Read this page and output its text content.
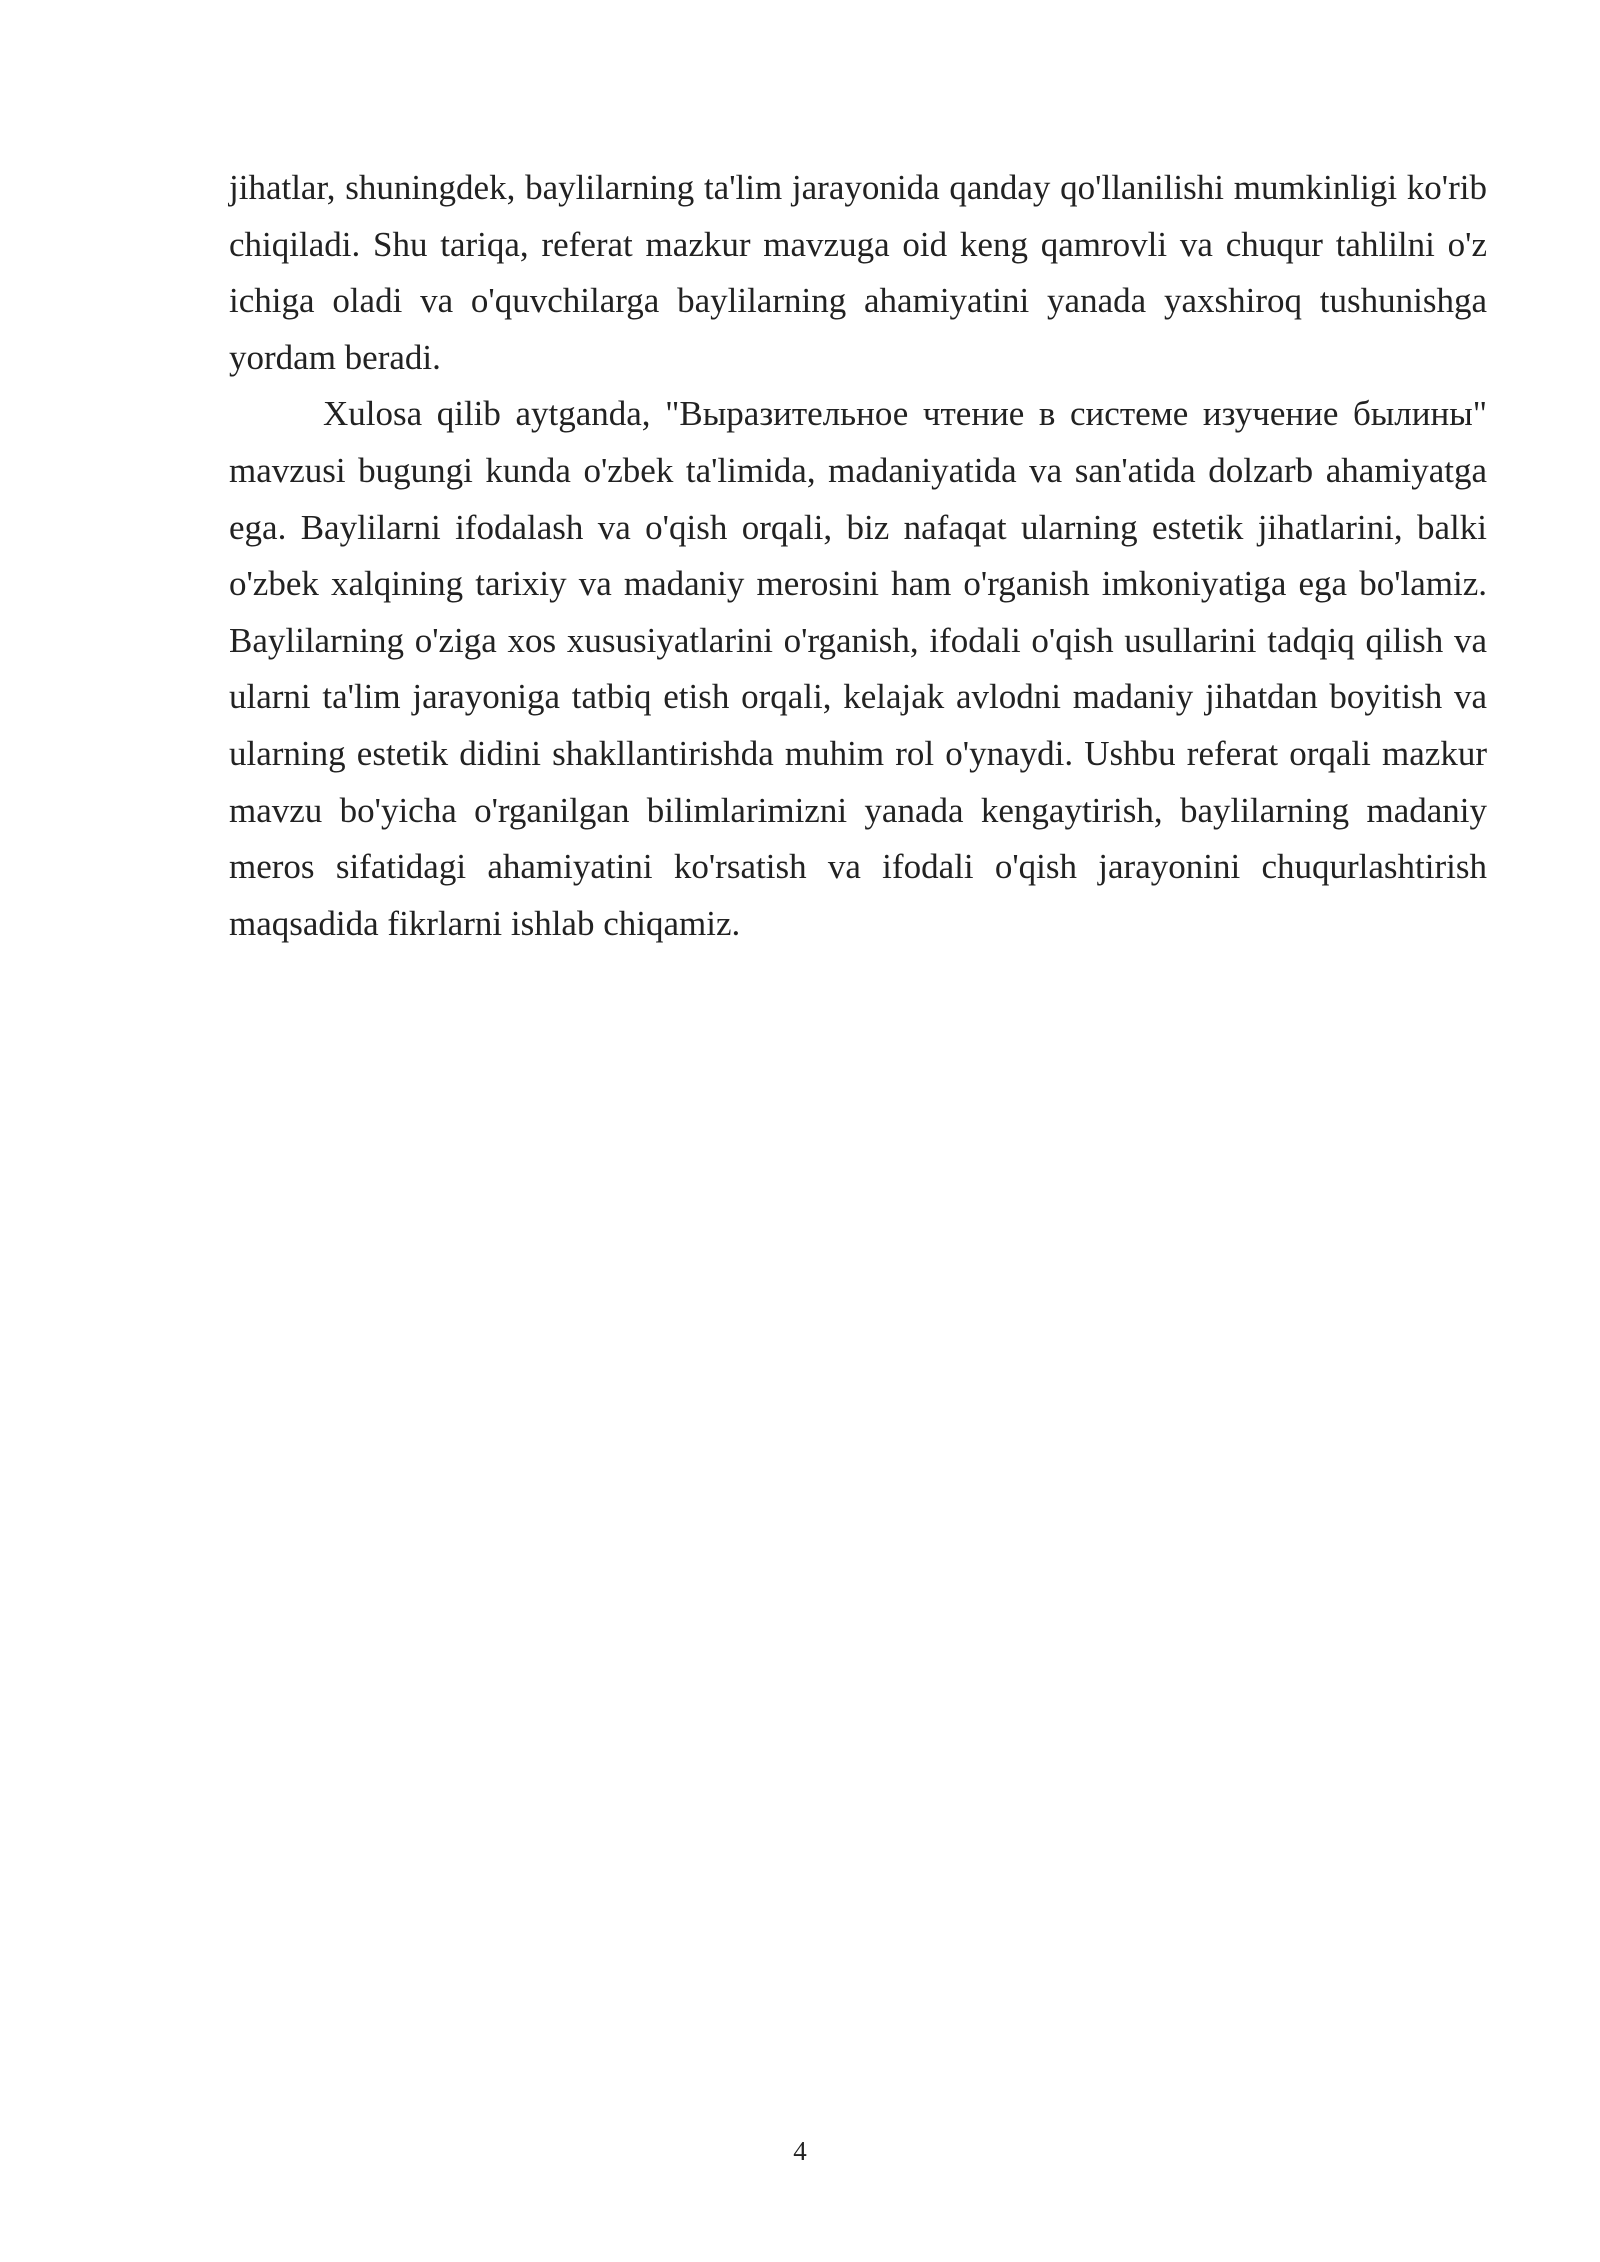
jihatlar, shuningdek, baylilarning ta'lim jarayonida qanday qo'llanilishi mumkinligi ko'rib chiqiladi. Shu tariqa, referat mazkur mavzuga oid keng qamrovli va chuqur tahlilni o'z ichiga oladi va o'quvchilarga baylilarning ahamiyatini yanada yaxshiroq tushunishga yordam beradi.

Xulosa qilib aytganda, "Выразительное чтение в системе изучение былины" mavzusi bugungi kunda o'zbek ta'limida, madaniyatida va san'atida dolzarb ahamiyatga ega. Baylilarni ifodalash va o'qish orqali, biz nafaqat ularning estetik jihatlarini, balki o'zbek xalqining tarixiy va madaniy merosini ham o'rganish imkoniyatiga ega bo'lamiz. Baylilarning o'ziga xos xususiyatlarini o'rganish, ifodali o'qish usullarini tadqiq qilish va ularni ta'lim jarayoniga tatbiq etish orqali, kelajak avlodni madaniy jihatdan boyitish va ularning estetik didini shakllantirishda muhim rol o'ynaydi. Ushbu referat orqali mazkur mavzu bo'yicha o'rganilgan bilimlarimizni yanada kengaytirish, baylilarning madaniy meros sifatidagi ahamiyatini ko'rsatish va ifodali o'qish jarayonini chuqurlashtirish maqsadida fikrlarni ishlab chiqamiz.

4
